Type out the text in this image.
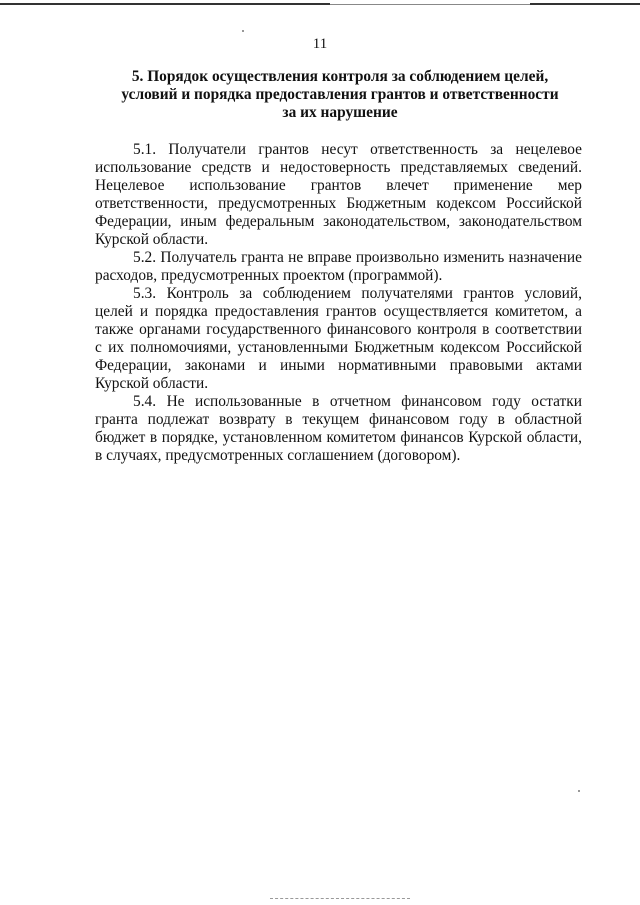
11
5. Порядок осуществления контроля за соблюдением целей,
условий и порядка предоставления грантов и ответственности
за их нарушение

5.1. Получатели грантов несут ответственность за нецелевое использование средств и недостоверность представляемых сведений. Нецелевое использование грантов влечет применение мер ответственности, предусмотренных Бюджетным кодексом Российской Федерации, иным федеральным законодательством, законодательством Курской области.

5.2. Получатель гранта не вправе произвольно изменить назначение расходов, предусмотренных проектом (программой).

5.3. Контроль за соблюдением получателями грантов условий, целей и порядка предоставления грантов осуществляется комитетом, а также органами государственного финансового контроля в соответствии с их полномочиями, установленными Бюджетным кодексом Российской Федерации, законами и иными нормативными правовыми актами Курской области.

5.4. Не использованные в отчетном финансовом году остатки гранта подлежат возврату в текущем финансовом году в областной бюджет в порядке, установленном комитетом финансов Курской области, в случаях, предусмотренных соглашением (договором).
